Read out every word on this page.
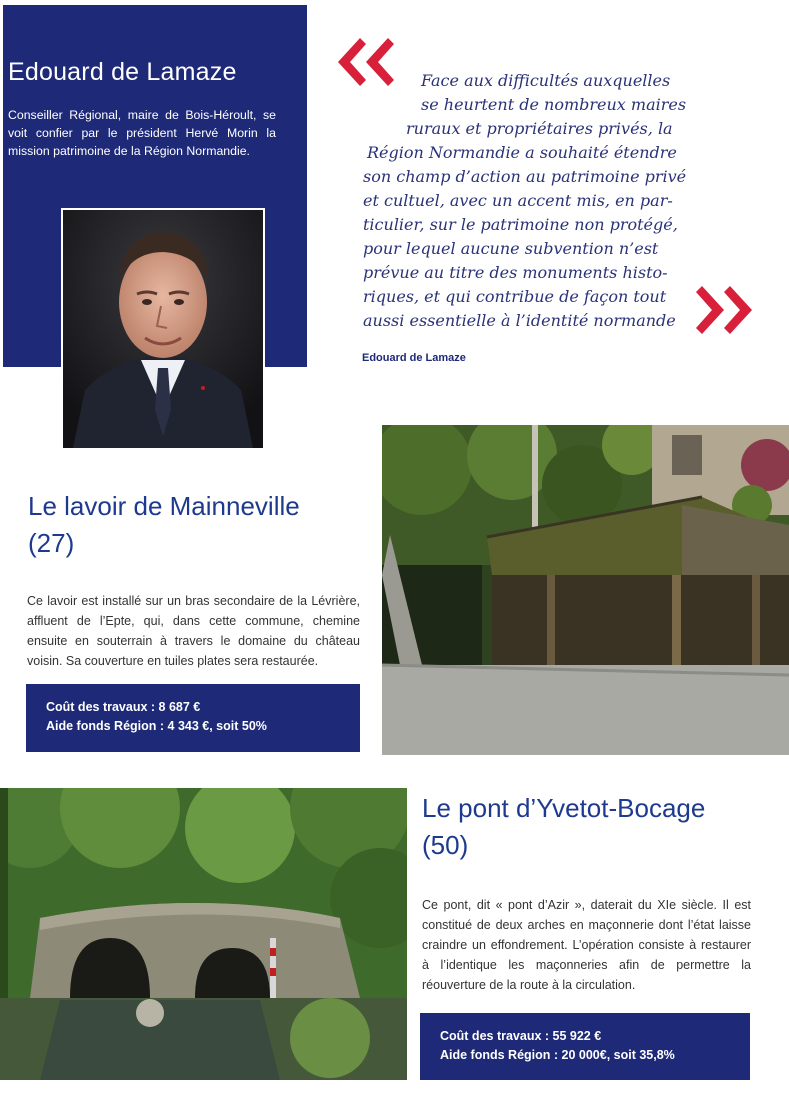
Edouard de Lamaze
Conseiller Régional, maire de Bois-Héroult, se voit confier par le président Hervé Morin la mission patrimoine de la Région Normandie.
Face aux difficultés auxquelles
se heurtent de nombreux maires
ruraux et propriétaires privés, la
Région Normandie a souhaité étendre
son champ d’action au patrimoine privé
et cultuel, avec un accent mis, en par-
ticulier, sur le patrimoine non protégé,
pour lequel aucune subvention n’est
prévue au titre des monuments histo-
riques, et qui contribue de façon tout
aussi essentielle à l’identité normande
Edouard de Lamaze
Le lavoir de Mainneville
(27)
Ce lavoir est installé sur un bras secondaire de la Lévrière, affluent de l’Epte, qui, dans cette commune, chemine ensuite en souterrain à travers le domaine du château voisin. Sa couverture en tuiles plates sera restaurée.
Coût des travaux : 8 687 €
Aide fonds Région : 4 343 €, soit 50%
Le pont d’Yvetot-Bocage
(50)
Ce pont, dit « pont d’Azir », daterait du XIe siècle. Il est constitué de deux arches en maçonnerie dont l’état laisse craindre un effondrement. L’opération consiste à restaurer à l’identique les maçonneries afin de permettre la réouverture de la route à la circulation.
Coût des travaux : 55 922 €
Aide fonds Région : 20 000€, soit 35,8%
